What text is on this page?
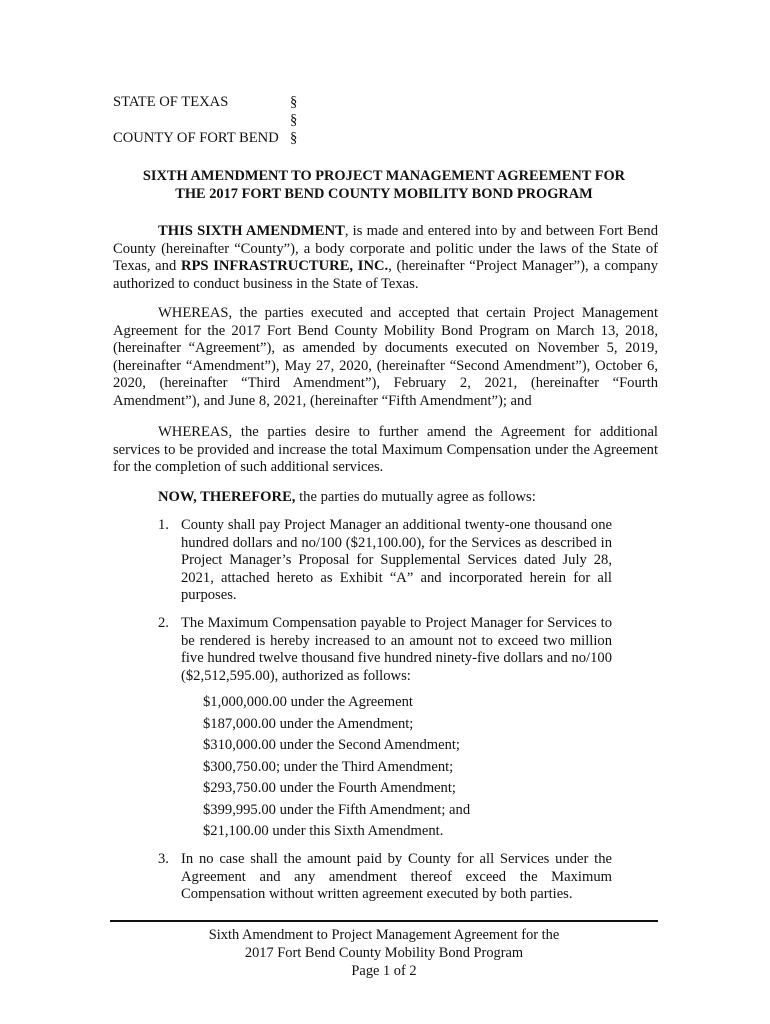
STATE OF TEXAS	§
§
COUNTY OF FORT BEND §
SIXTH AMENDMENT TO PROJECT MANAGEMENT AGREEMENT FOR
THE 2017 FORT BEND COUNTY MOBILITY BOND PROGRAM
THIS SIXTH AMENDMENT, is made and entered into by and between Fort Bend County (hereinafter “County”), a body corporate and politic under the laws of the State of Texas, and RPS INFRASTRUCTURE, INC., (hereinafter “Project Manager”), a company authorized to conduct business in the State of Texas.
WHEREAS, the parties executed and accepted that certain Project Management Agreement for the 2017 Fort Bend County Mobility Bond Program on March 13, 2018, (hereinafter “Agreement”), as amended by documents executed on November 5, 2019, (hereinafter “Amendment”), May 27, 2020, (hereinafter “Second Amendment”), October 6, 2020, (hereinafter “Third Amendment”), February 2, 2021, (hereinafter “Fourth Amendment”), and June 8, 2021, (hereinafter “Fifth Amendment”); and
WHEREAS, the parties desire to further amend the Agreement for additional services to be provided and increase the total Maximum Compensation under the Agreement for the completion of such additional services.
NOW, THEREFORE, the parties do mutually agree as follows:
1. County shall pay Project Manager an additional twenty-one thousand one hundred dollars and no/100 ($21,100.00), for the Services as described in Project Manager’s Proposal for Supplemental Services dated July 28, 2021, attached hereto as Exhibit “A” and incorporated herein for all purposes.
2. The Maximum Compensation payable to Project Manager for Services to be rendered is hereby increased to an amount not to exceed two million five hundred twelve thousand five hundred ninety-five dollars and no/100 ($2,512,595.00), authorized as follows:
$1,000,000.00 under the Agreement
$187,000.00 under the Amendment;
$310,000.00 under the Second Amendment;
$300,750.00; under the Third Amendment;
$293,750.00 under the Fourth Amendment;
$399,995.00 under the Fifth Amendment; and
$21,100.00 under this Sixth Amendment.
3. In no case shall the amount paid by County for all Services under the Agreement and any amendment thereof exceed the Maximum Compensation without written agreement executed by both parties.
Sixth Amendment to Project Management Agreement for the
2017 Fort Bend County Mobility Bond Program
Page 1 of 2
